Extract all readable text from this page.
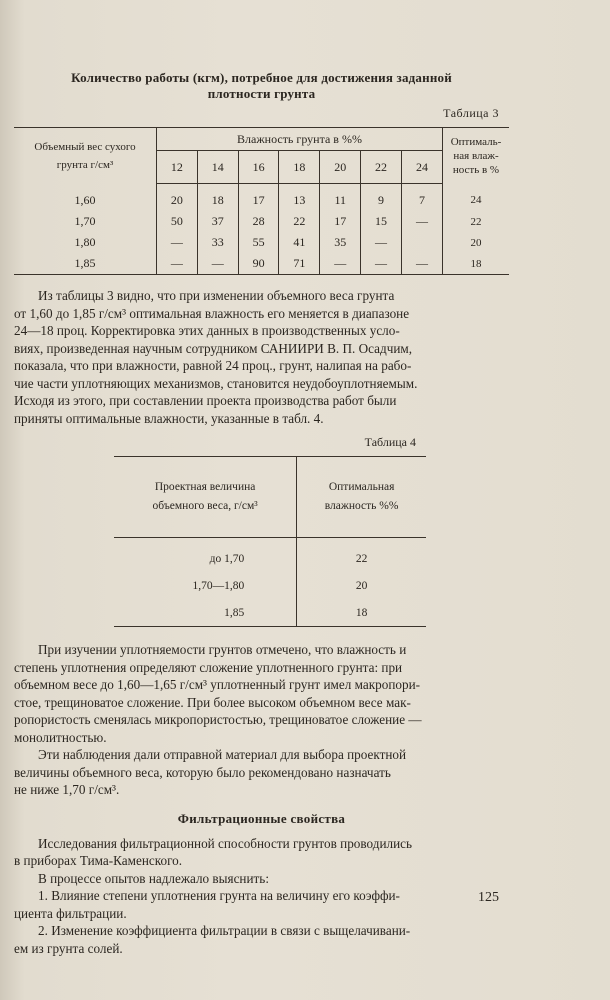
Количество работы (кгм), потребное для достижения заданной
плотности грунта
Таблица 3
Объемный вес сухого
грунта г/см³	Влажность грунта в %%							Оптималь-
ная влаж-
ность в %
	12	14	16	18	20	22	24	
1,60	20	18	17	13	11	9	7	24
1,70	50	37	28	22	17	15	—	22
1,80	—	33	55	41	35	—		20
1,85	—	—	90	71	—	—	—	18

Из таблицы 3 видно, что при изменении объемного веса грунта
от 1,60 до 1,85 г/см³ оптимальная влажность его меняется в диапазоне
24—18 проц. Корректировка этих данных в производственных усло-
виях, произведенная научным сотрудником САНИИРИ В. П. Осадчим,
показала, что при влажности, равной 24 проц., грунт, налипая на рабо-
чие части уплотняющих механизмов, становится неудобоуплотняемым.
Исходя из этого, при составлении проекта производства работ были
приняты оптимальные влажности, указанные в табл. 4.

Таблица 4
Проектная величина
объемного веса, г/см³	Оптимальная
влажность %%
до 1,70	22
1,70—1,80	20
1,85	18

При изучении уплотняемости грунтов отмечено, что влажность и
степень уплотнения определяют сложение уплотненного грунта: при
объемном весе до 1,60—1,65 г/см³ уплотненный грунт имел макропори-
стое, трещиноватое сложение. При более высоком объемном весе мак-
ропористость сменялась микропористостью, трещиноватое сложение —
монолитностью.

Эти наблюдения дали отправной материал для выбора проектной
величины объемного веса, которую было рекомендовано назначать
не ниже 1,70 г/см³.

Фильтрационные свойства

Исследования фильтрационной способности грунтов проводились
в приборах Тима-Каменского.

В процессе опытов надлежало выяснить:

1. Влияние степени уплотнения грунта на величину его коэффи-
циента фильтрации.

2. Изменение коэффициента фильтрации в связи с выщелачивани-
ем из грунта солей.

125
